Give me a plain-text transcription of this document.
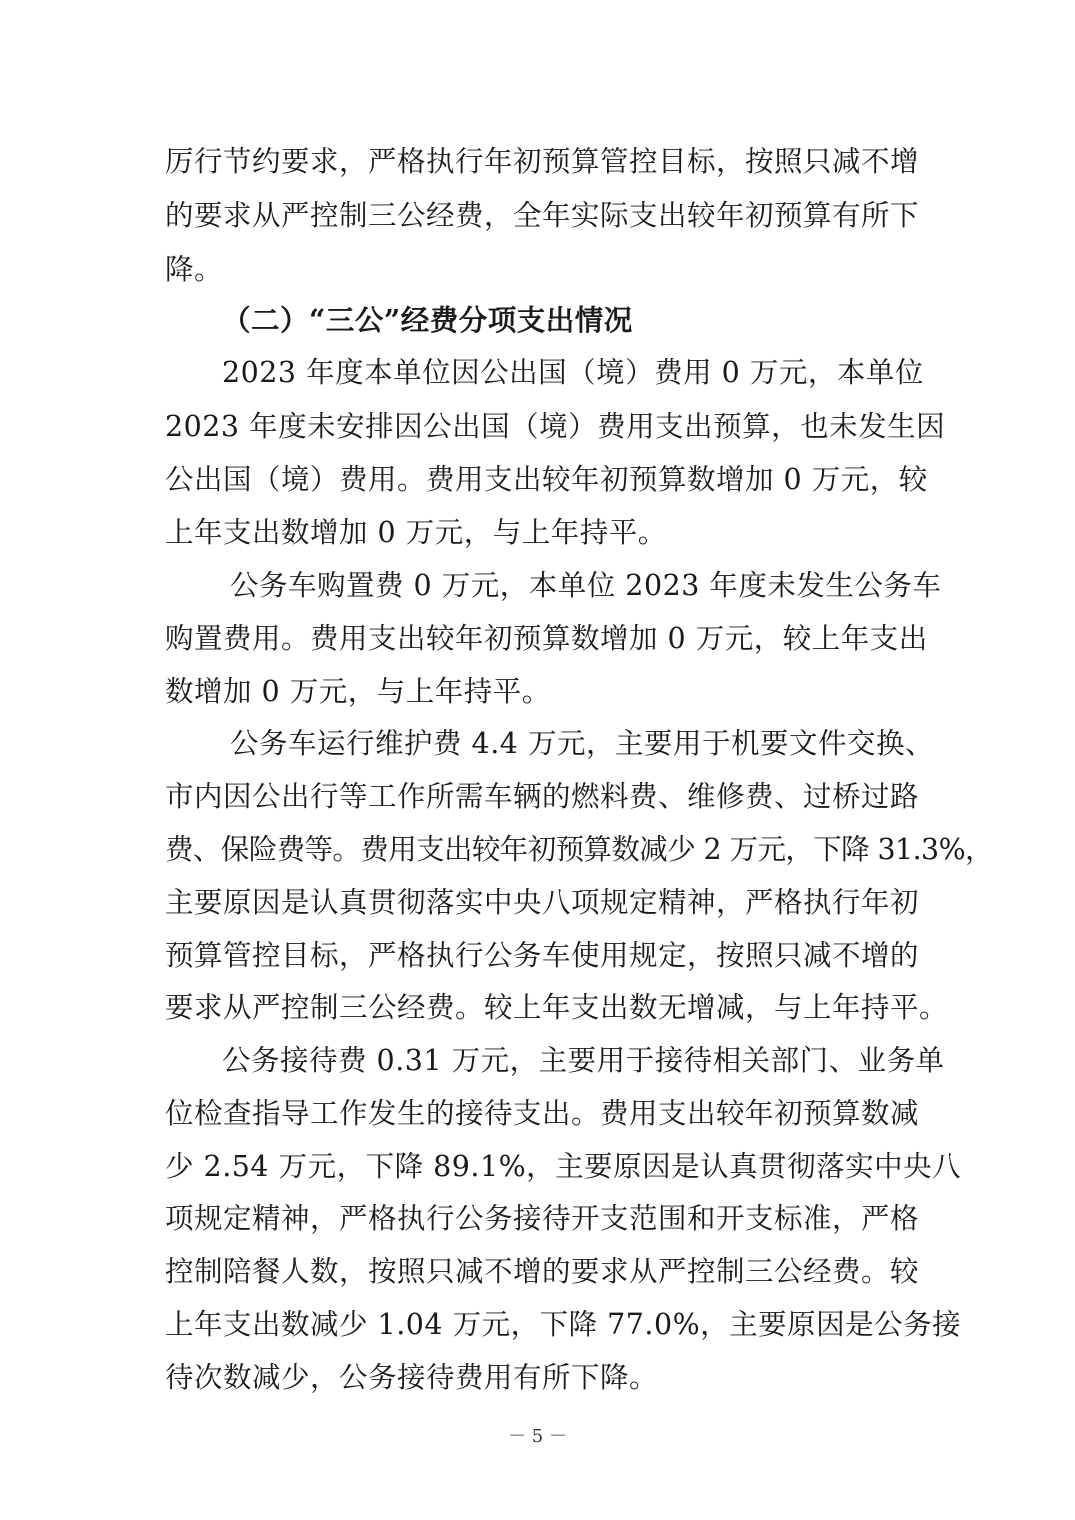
厉行节约要求，严格执行年初预算管控目标，按照只减不增
的要求从严控制三公经费，全年实际支出较年初预算有所下
降。
（二）“三公”经费分项支出情况
2023 年度本单位因公出国（境）费用 0 万元，本单位
2023 年度未安排因公出国（境）费用支出预算，也未发生因
公出国（境）费用。费用支出较年初预算数增加 0 万元，较
上年支出数增加 0 万元，与上年持平。
公务车购置费 0 万元，本单位 2023 年度未发生公务车
购置费用。费用支出较年初预算数增加 0 万元，较上年支出
数增加 0 万元，与上年持平。
公务车运行维护费 4.4 万元，主要用于机要文件交换、
市内因公出行等工作所需车辆的燃料费、维修费、过桥过路
费、保险费等。费用支出较年初预算数减少 2 万元，下降 31.3%，
主要原因是认真贯彻落实中央八项规定精神，严格执行年初
预算管控目标，严格执行公务车使用规定，按照只减不增的
要求从严控制三公经费。较上年支出数无增减，与上年持平。
公务接待费 0.31 万元，主要用于接待相关部门、业务单
位检查指导工作发生的接待支出。费用支出较年初预算数减
少 2.54 万元，下降 89.1%，主要原因是认真贯彻落实中央八
项规定精神，严格执行公务接待开支范围和开支标准，严格
控制陪餐人数，按照只减不增的要求从严控制三公经费。较
上年支出数减少 1.04 万元，下降 77.0%，主要原因是公务接
待次数减少，公务接待费用有所下降。
－ 5 －
